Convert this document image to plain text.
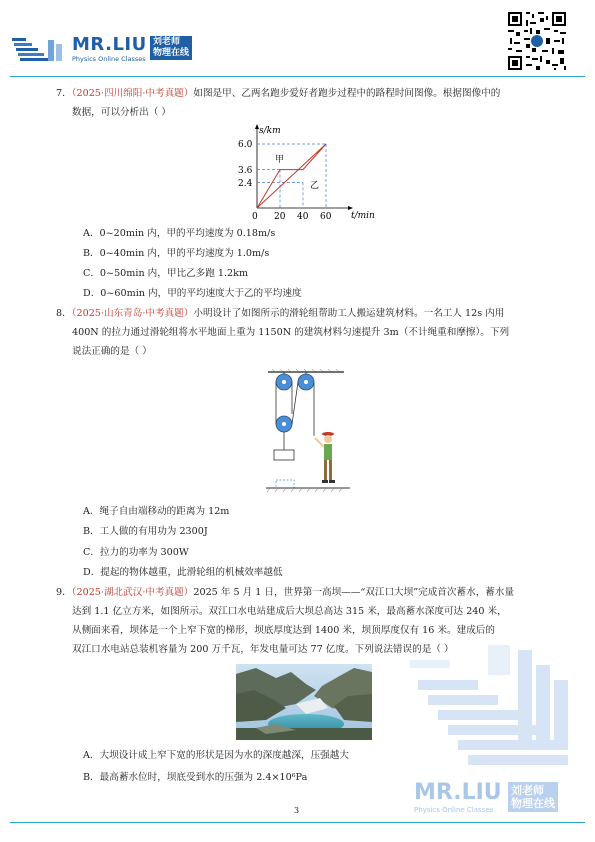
MR.LIU
Physics Online Classes
刘老师
物理在线
MR.LIU
Physics Online Classes
刘老师
物理在线
7．（2025·四川绵阳·中考真题）如图是甲、乙两名跑步爱好者跑步过程中的路程时间图像。根据图像中的
数据，可以分析出（ ）
s/km
t/min
6.0
3.6
2.4
0 20 40 60
甲
乙
A．0~20min 内，甲的平均速度为 0.18m/s
B．0~40min 内，甲的平均速度为 1.0m/s
C．0~50min 内，甲比乙多跑 1.2km
D．0~60min 内，甲的平均速度大于乙的平均速度
8．（2025·山东青岛·中考真题）小明设计了如图所示的滑轮组帮助工人搬运建筑材料。一名工人 12s 内用
400N 的拉力通过滑轮组将水平地面上重为 1150N 的建筑材料匀速提升 3m（不计绳重和摩擦）。下列
说法正确的是（ ）
A．绳子自由端移动的距离为 12m
B．工人做的有用功为 2300J
C．拉力的功率为 300W
D．提起的物体越重，此滑轮组的机械效率越低
9．（2025·湖北武汉·中考真题）2025 年 5 月 1 日，世界第一高坝——“双江口大坝”完成首次蓄水，蓄水量
达到 1.1 亿立方米，如图所示。双江口水电站建成后大坝总高达 315 米，最高蓄水深度可达 240 米，
从侧面来看，坝体是一个上窄下宽的梯形，坝底厚度达到 1400 米，坝顶厚度仅有 16 米。建成后的
双江口水电站总装机容量为 200 万千瓦，年发电量可达 77 亿度。下列说法错误的是（ ）
A．大坝设计成上窄下宽的形状是因为水的深度越深，压强越大
B．最高蓄水位时，坝底受到水的压强为 2.4×10⁶Pa
3
